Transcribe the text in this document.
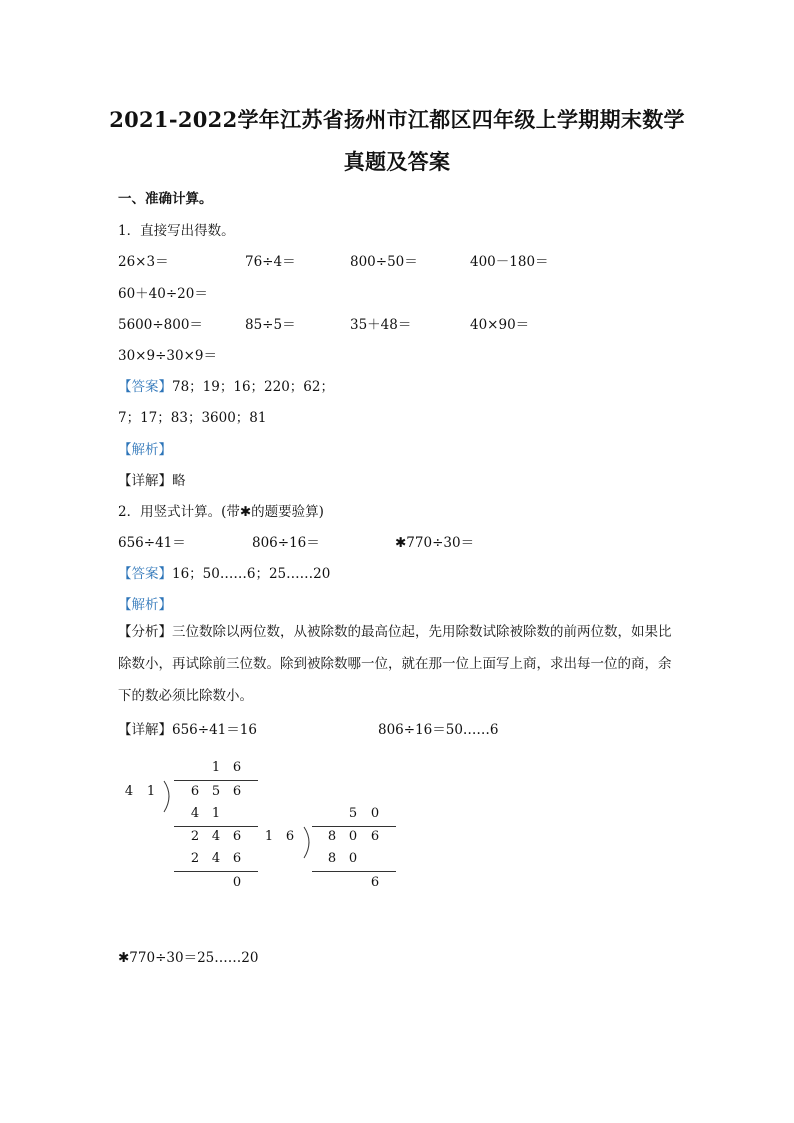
2021-2022学年江苏省扬州市江都区四年级上学期期末数学
真题及答案
一、准确计算。
1．直接写出得数。
26×3＝	76÷4＝	800÷50＝	400－180＝
60＋40÷20＝
5600÷800＝	85÷5＝	35＋48＝	40×90＝
30×9÷30×9＝
【答案】78；19；16；220；62；
7；17；83；3600；81
【解析】
【详解】略
2．用竖式计算。(带✱的题要验算)
656÷41＝	806÷16＝	✱770÷30＝
【答案】16；50……6；25……20
【解析】
【分析】三位数除以两位数，从被除数的最高位起，先用除数试除被除数的前两位数，如果比除数小，再试除前三位数。除到被除数哪一位，就在那一位上面写上商，求出每一位的商，余下的数必须比除数小。
【详解】656÷41＝16	806÷16＝50……6
1 6
4 1	6 5 6
4 1
2 4 6
2 4 6
0
5 0
1 6	8 0 6
8 0
6
✱770÷30＝25……20
